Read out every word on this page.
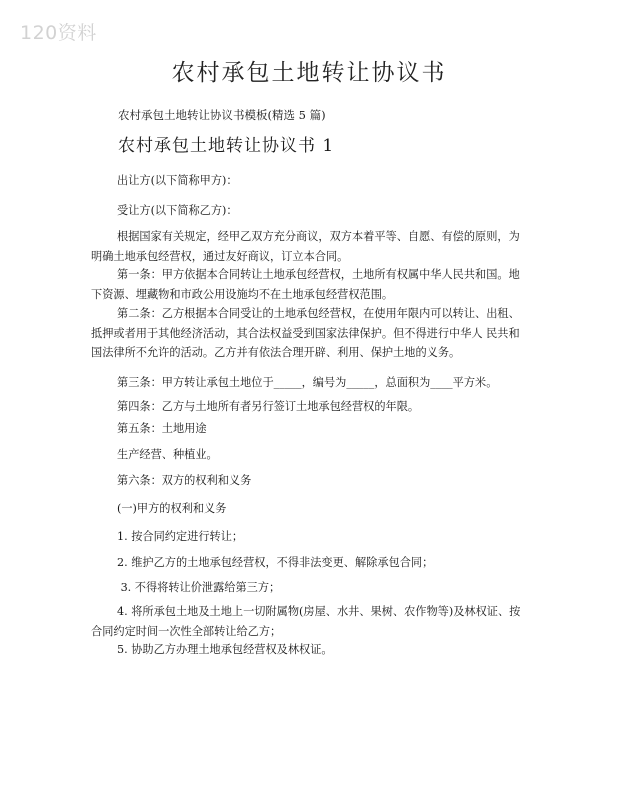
120资料
农村承包土地转让协议书
农村承包土地转让协议书模板(精选 5 篇)
农村承包土地转让协议书 1
出让方(以下简称甲方)：
受让方(以下简称乙方)：
根据国家有关规定，经甲乙双方充分商议，双方本着平等、自愿、有偿的原则，为明确土地承包经营权，通过友好商议，订立本合同。
第一条：甲方依据本合同转让土地承包经营权，土地所有权属中华人民共和国。地下资源、埋藏物和市政公用设施均不在土地承包经营权范围。
第二条：乙方根据本合同受让的土地承包经营权，在使用年限内可以转让、出租、抵押或者用于其他经济活动，其合法权益受到国家法律保护。但不得进行中华人 民共和国法律所不允许的活动。乙方并有依法合理开辟、利用、保护土地的义务。
第三条：甲方转让承包土地位于_____，编号为_____，总面积为____平方米。
第四条：乙方与土地所有者另行签订土地承包经营权的年限。
第五条：土地用途
生产经营、种植业。
第六条：双方的权利和义务
(一)甲方的权利和义务
1. 按合同约定进行转让；
2. 维护乙方的土地承包经营权，不得非法变更、解除承包合同；
3. 不得将转让价泄露给第三方；
4. 将所承包土地及土地上一切附属物(房屋、水井、果树、农作物等)及林权证、按合同约定时间一次性全部转让给乙方；
5. 协助乙方办理土地承包经营权及林权证。
